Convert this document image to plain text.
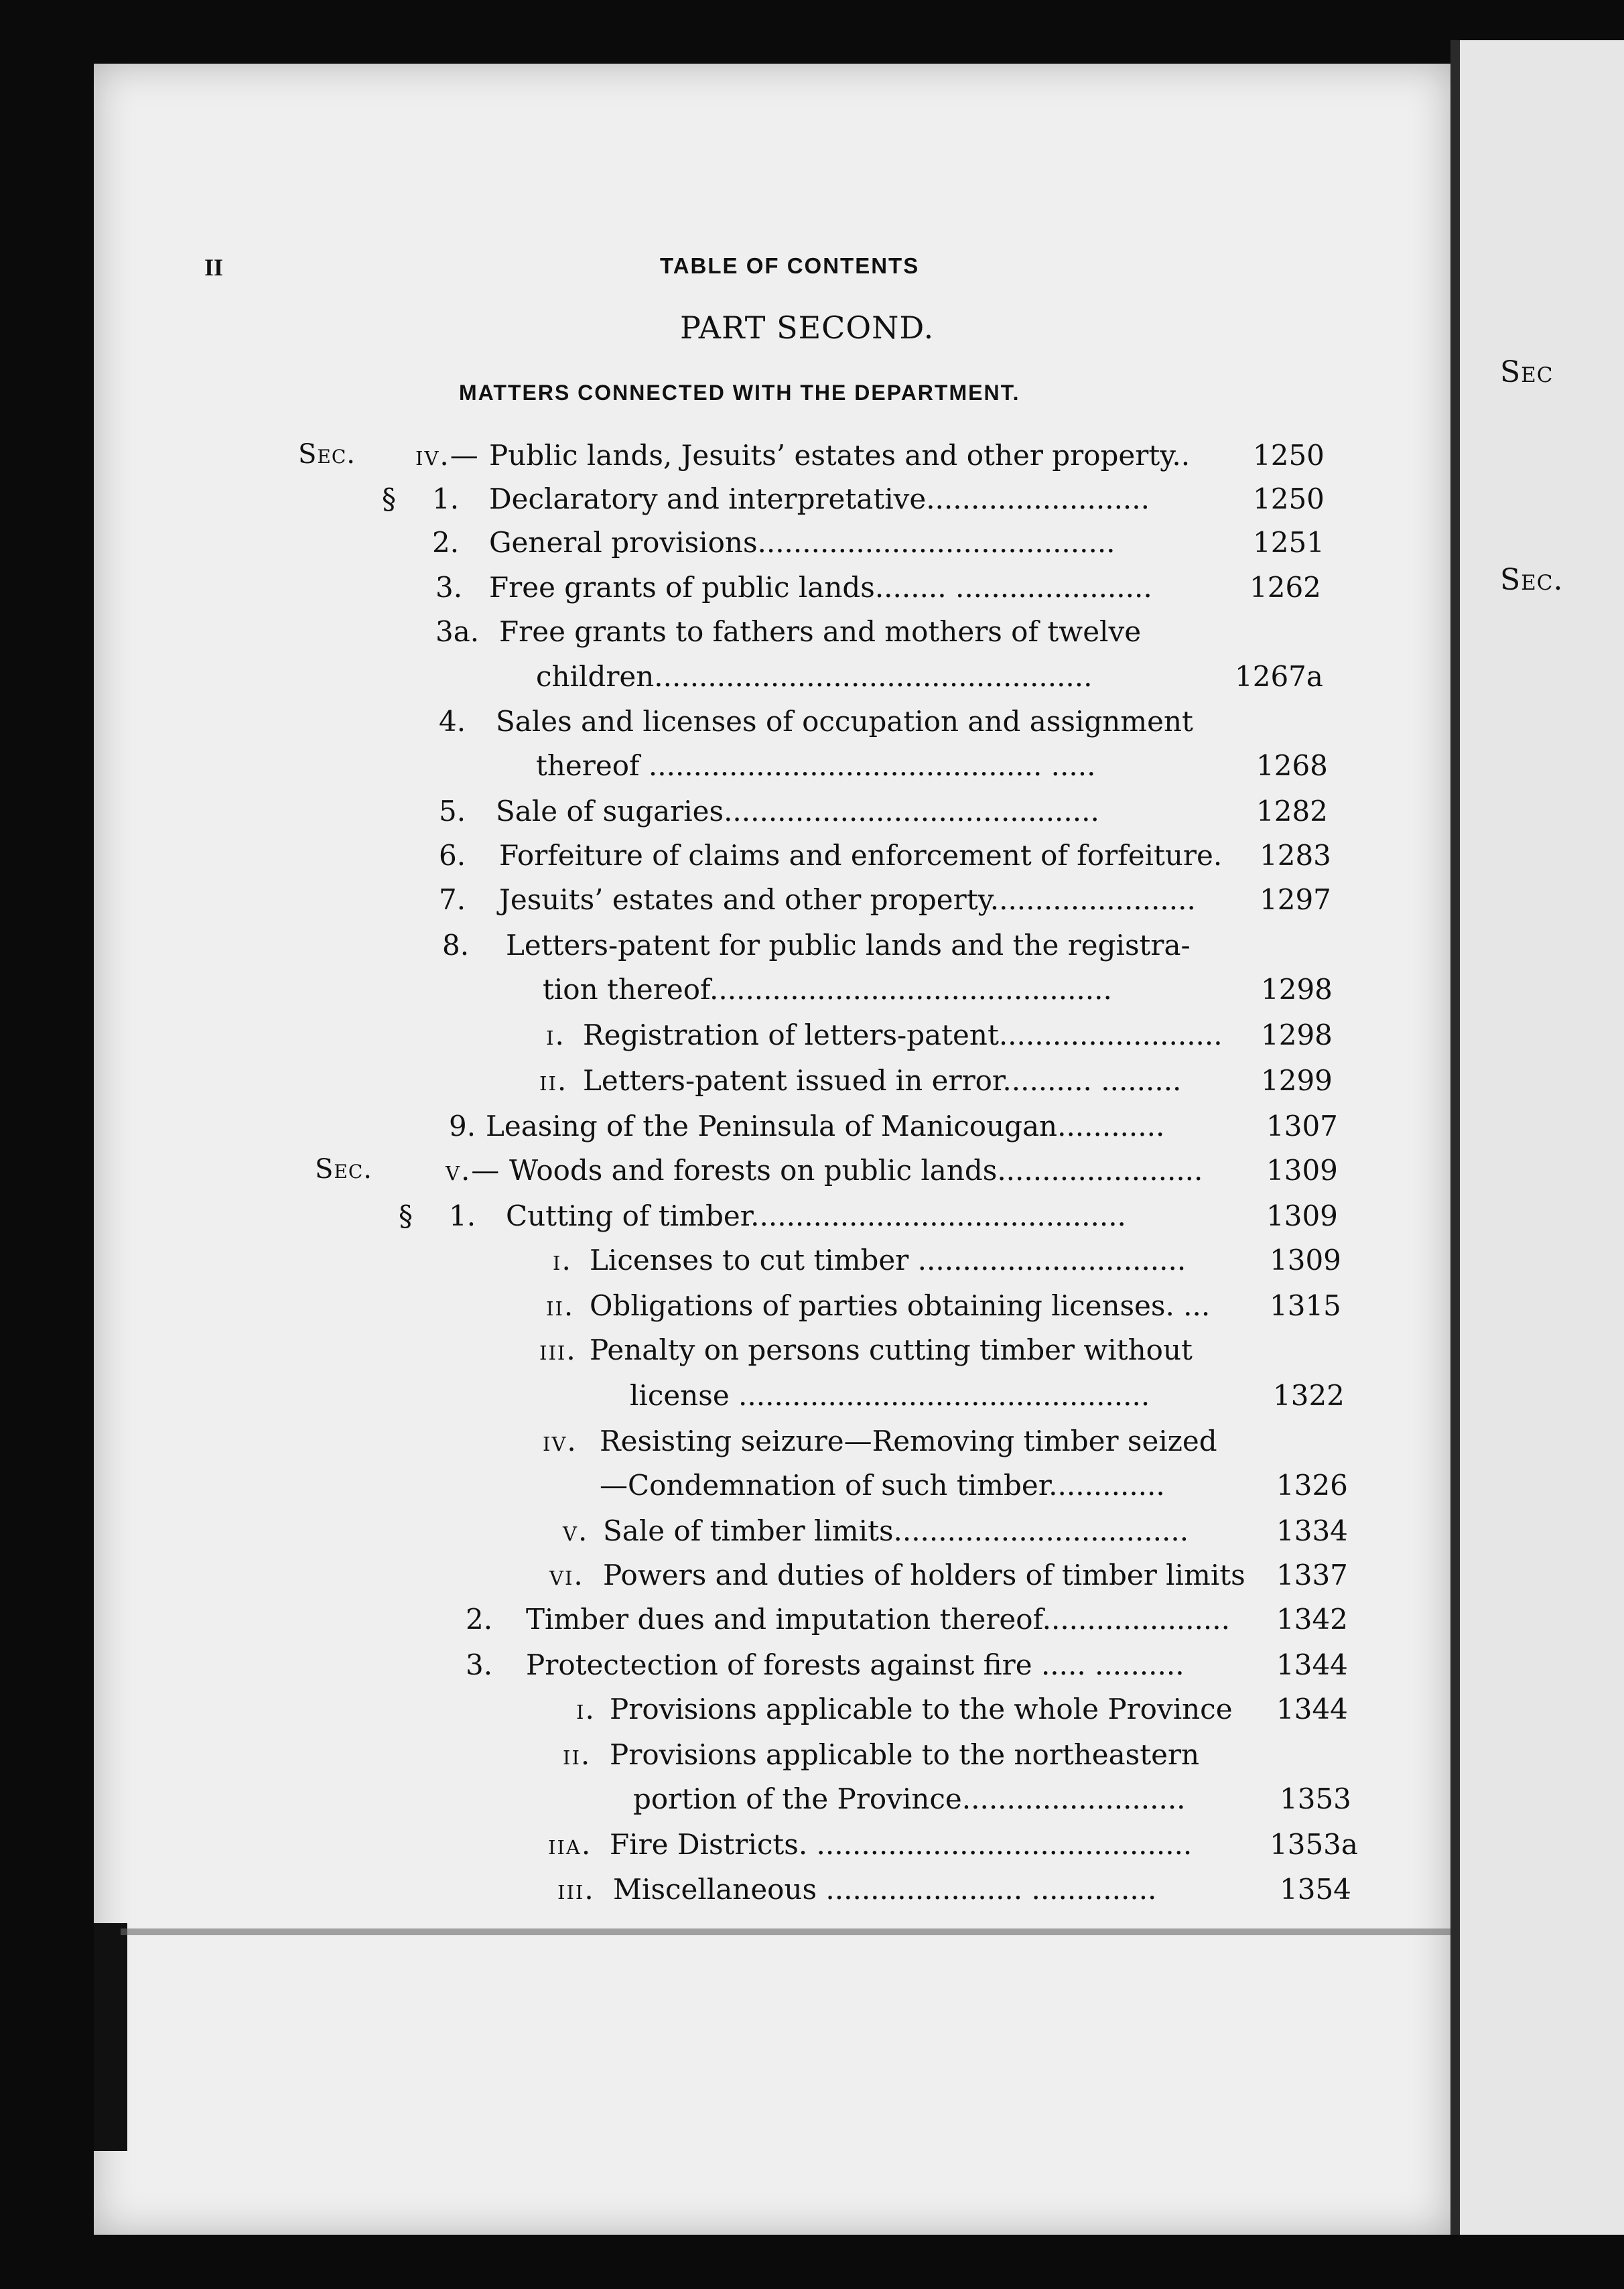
Sec
Sec.
II	TABLE OF CONTENTS
PART SECOND.
MATTERS CONNECTED WITH THE DEPARTMENT.
Sec. iv.— Public lands, Jesuits’ estates and other property.. 1250
§ 1. Declaratory and interpretative.........................	1250
2. General provisions........................................	1251
3. Free grants of public lands........ ......................	1262
3a. Free grants to fathers and mothers of twelve
children.................................................	1267a
4. Sales and licenses of occupation and assignment
thereof ............................................ .....	1268
5. Sale of sugaries..........................................	1282
6. Forfeiture of claims and enforcement of forfeiture. 1283
7. Jesuits’ estates and other property....................... 1297
8. Letters-patent for public lands and the registra-
tion thereof.............................................	1298
i. Registration of letters-patent......................... 1298
ii. Letters-patent issued in error.......... .........	1299
9. Leasing of the Peninsula of Manicougan............	1307
Sec.	v.— Woods and forests on public lands....................... 1309
§ 1. Cutting of timber..........................................	1309
i. Licenses to cut timber ..............................	1309
ii. Obligations of parties obtaining licenses. ... 1315
iii. Penalty on persons cutting timber without
license ..............................................	1322
iv. Resisting seizure—Removing timber seized
—Condemnation of such timber.............	1326
v. Sale of timber limits.................................	1334
vi. Powers and duties of holders of timber limits 1337
2. Timber dues and imputation thereof..................... 1342
3. Protectection of forests against fire ..... ..........	1344
i. Provisions applicable to the whole Province 1344
ii. Provisions applicable to the northeastern
portion of the Province.........................	1353
iia. Fire Districts. ..........................................	1353a
iii. Miscellaneous ...................... ..............	1354
